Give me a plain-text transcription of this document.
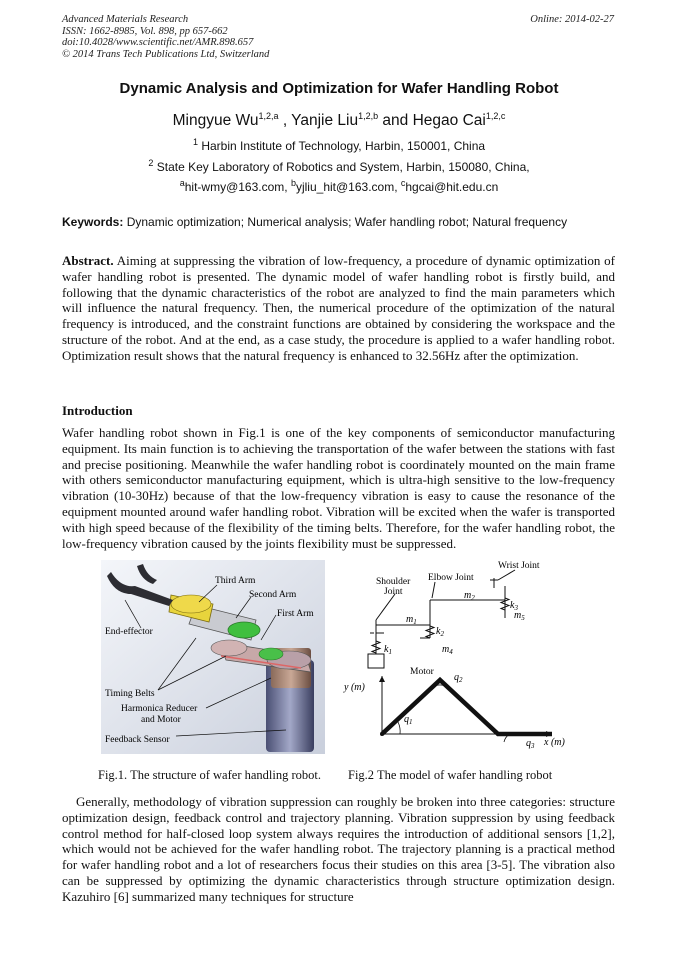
Advanced Materials Research
ISSN: 1662-8985, Vol. 898, pp 657-662
doi:10.4028/www.scientific.net/AMR.898.657
© 2014 Trans Tech Publications Ltd, Switzerland
Online: 2014-02-27
Dynamic Analysis and Optimization for Wafer Handling Robot
Mingyue Wu$^{1,2,a}$ , Yanjie Liu$^{1,2,b}$ and Hegao Cai$^{1,2,c}$
$^1$ Harbin Institute of Technology, Harbin, 150001, China
$^2$ State Key Laboratory of Robotics and System, Harbin, 150080, China,
$^a$hit-wmy@163.com, $^b$yjliu_hit@163.com, $^c$hgcai@hit.edu.cn
Keywords: Dynamic optimization; Numerical analysis; Wafer handling robot; Natural frequency
Abstract. Aiming at suppressing the vibration of low-frequency, a procedure of dynamic optimization of wafer handling robot is presented. The dynamic model of wafer handling robot is firstly build, and following that the dynamic characteristics of the robot are analyzed to find the main parameters which will influence the natural frequency. Then, the numerical procedure of the optimization of the natural frequency is introduced, and the constraint functions are obtained by considering the workspace and the structure of the robot. And at the end, as a case study, the procedure is applied to a wafer handling robot. Optimization result shows that the natural frequency is enhanced to 32.56Hz after the optimization.
Introduction
Wafer handling robot shown in Fig.1 is one of the key components of semiconductor manufacturing equipment. Its main function is to achieving the transportation of the wafer between the stations with fast and precise positioning. Meanwhile the wafer handling robot is coordinately mounted on the main frame with others semiconductor manufacturing equipment, which is ultra-high sensitive to the low-frequency vibration (10-30Hz) because of that the low-frequency vibration is easy to cause the resonance of the equipment mounted around wafer handling robot. Vibration will be excited when the wafer is transported with high speed because of the flexibility of the timing belts. Therefore, for the wafer handling robot, the low-frequency vibration caused by the joints flexibility must be suppressed.
Third Arm
Second Arm
First Arm
End-effector
Timing Belts
Harmonica Reducer
and Motor
Feedback Sensor
Shoulder
Joint
Elbow Joint
Wrist Joint
Motor
$m_1$
$m_2$
$m_4$
$m_5$
$k_1$
$k_2$
$k_3$
$q_1$
$q_2$
$q_3$
y (m)
x (m)
Fig.1. The structure of wafer handling robot. Fig.2 The model of wafer handling robot
Generally, methodology of vibration suppression can roughly be broken into three categories: structure optimization design, feedback control and trajectory planning. Vibration suppression by using feedback control method for half-closed loop system always requires the introduction of additional sensors [1,2], which would not be achieved for the wafer handling robot. The trajectory planning is a practical method for wafer handling robot and a lot of researchers focus their studies on this area [3-5]. The vibration also can be suppressed by optimizing the dynamic characteristics through structure optimization design. Kazuhiro [6] summarized many techniques for structure
